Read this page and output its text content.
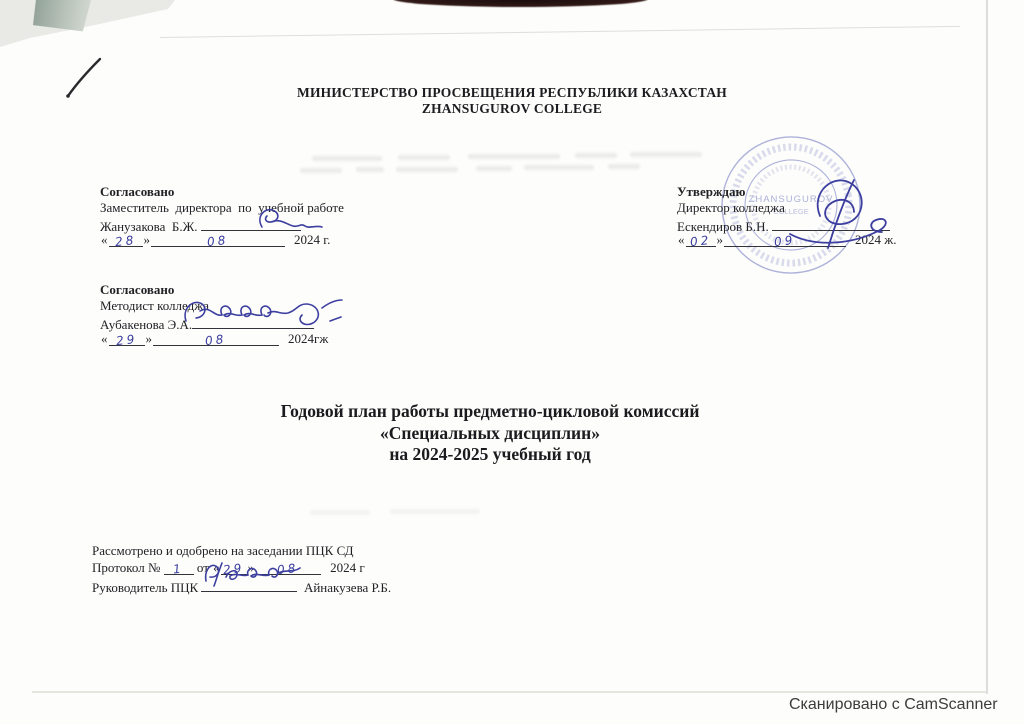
ZHANSUGUROV
COLLEGE
МИНИСТЕРСТВО ПРОСВЕЩЕНИЯ РЕСПУБЛИКИ КАЗАХСТАН
ZHANSUGUROV COLLEGE
Согласовано
Заместитель  директора  по  учебной работе
Жанузакова  Б.Ж.
« 28 »	08	2024 г.
Утверждаю
Директор колледжа
Ескендиров Б.Н.
« 02 »	09	2024 ж.
Согласовано
Методист колледжа
Аубакенова Э.А.
« 29 »	08	2024гж
Годовой план работы предметно-цикловой комиссий
«Специальных дисциплин»
на 2024-2025 учебный год
Рассмотрено и одобрено на заседании ПЦК СД
Протокол № 1 от « 29 » 08 2024 г
Руководитель ПЦК	Айнакузева Р.Б.
Сканировано с CamScanner
